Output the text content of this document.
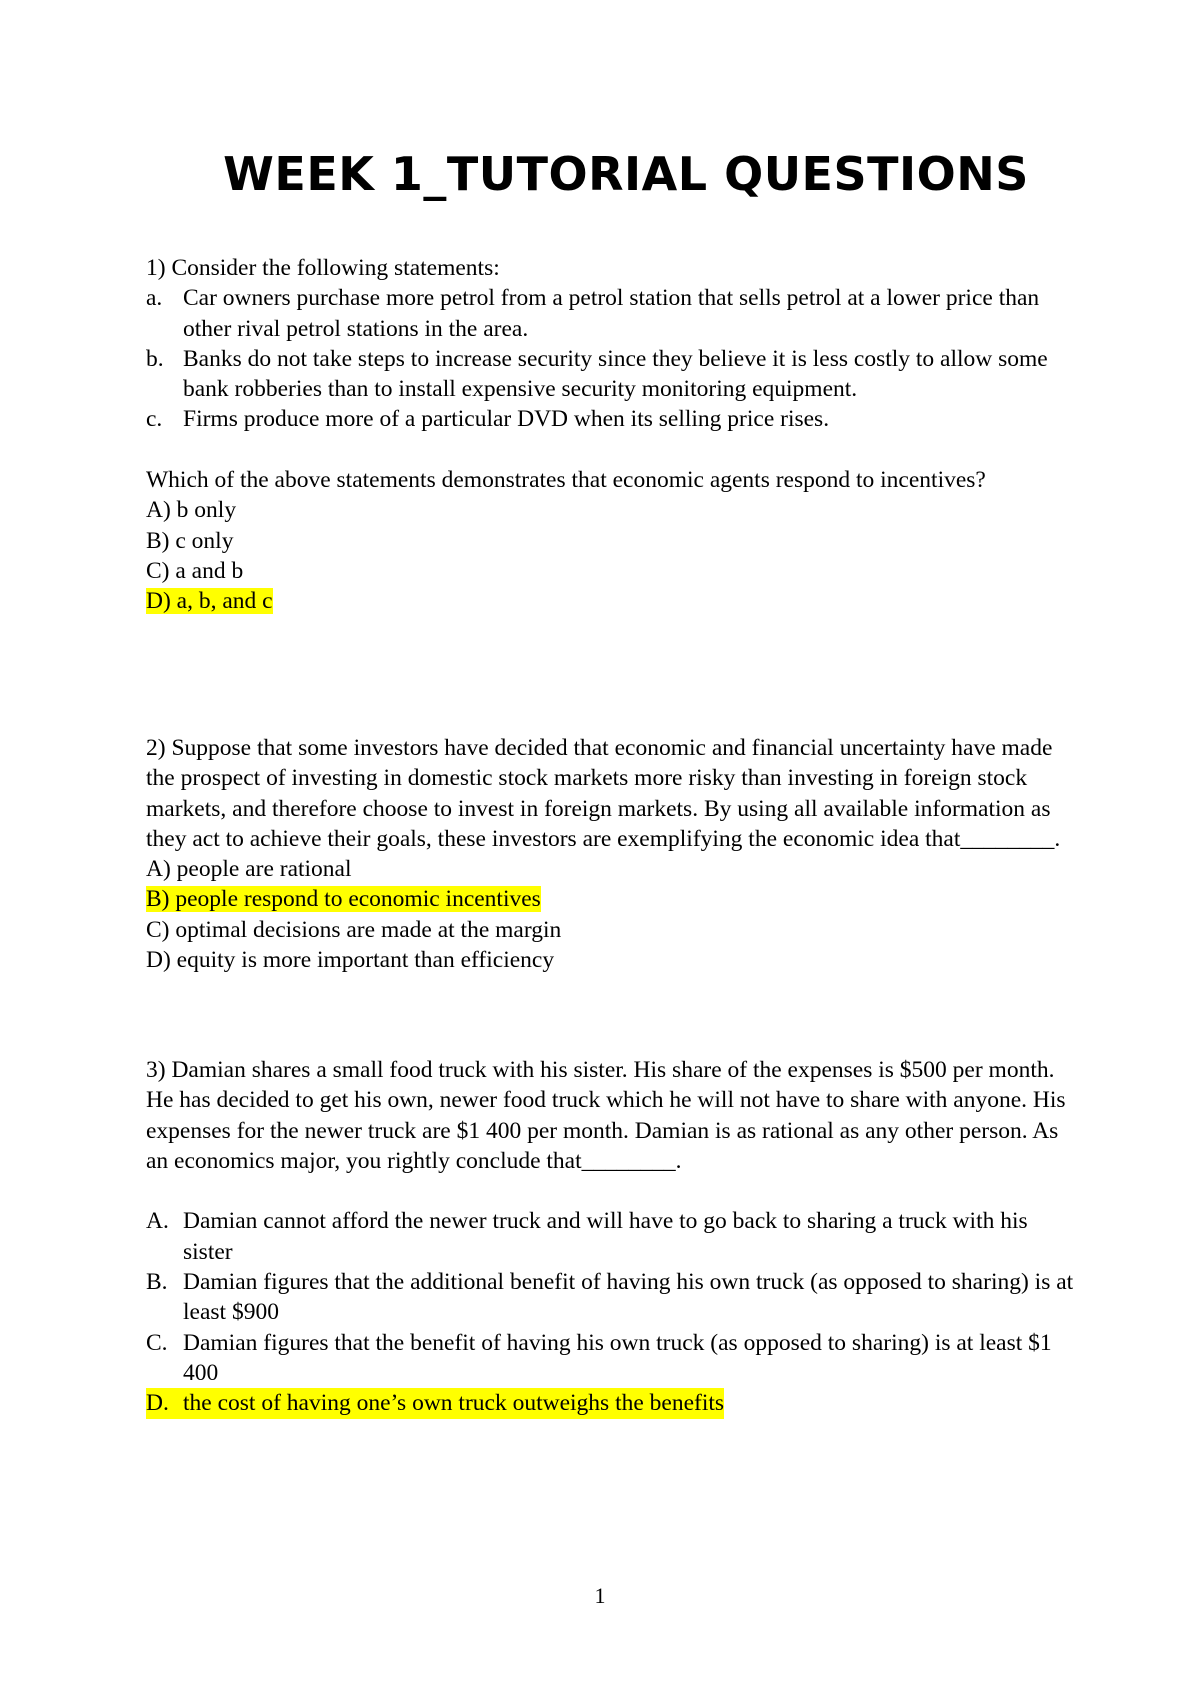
WEEK 1_TUTORIAL QUESTIONS

1) Consider the following statements:

a. Car owners purchase more petrol from a petrol station that sells petrol at a lower price than other rival petrol stations in the area.
b. Banks do not take steps to increase security since they believe it is less costly to allow some bank robberies than to install expensive security monitoring equipment.
c. Firms produce more of a particular DVD when its selling price rises.

Which of the above statements demonstrates that economic agents respond to incentives?

A) b only

B) c only

C) a and b

D) a, b, and c

2) Suppose that some investors have decided that economic and financial uncertainty have made the prospect of investing in domestic stock markets more risky than investing in foreign stock markets, and therefore choose to invest in foreign markets. By using all available information as they act to achieve their goals, these investors are exemplifying the economic idea that________.

A) people are rational

B) people respond to economic incentives

C) optimal decisions are made at the margin

D) equity is more important than efficiency

3) Damian shares a small food truck with his sister. His share of the expenses is $500 per month. He has decided to get his own, newer food truck which he will not have to share with anyone. His expenses for the newer truck are $1 400 per month. Damian is as rational as any other person. As an economics major, you rightly conclude that________.

A. Damian cannot afford the newer truck and will have to go back to sharing a truck with his sister
B. Damian figures that the additional benefit of having his own truck (as opposed to sharing) is at least $900
C. Damian figures that the benefit of having his own truck (as opposed to sharing) is at least $1 400
D. the cost of having one’s own truck outweighs the benefits
1
